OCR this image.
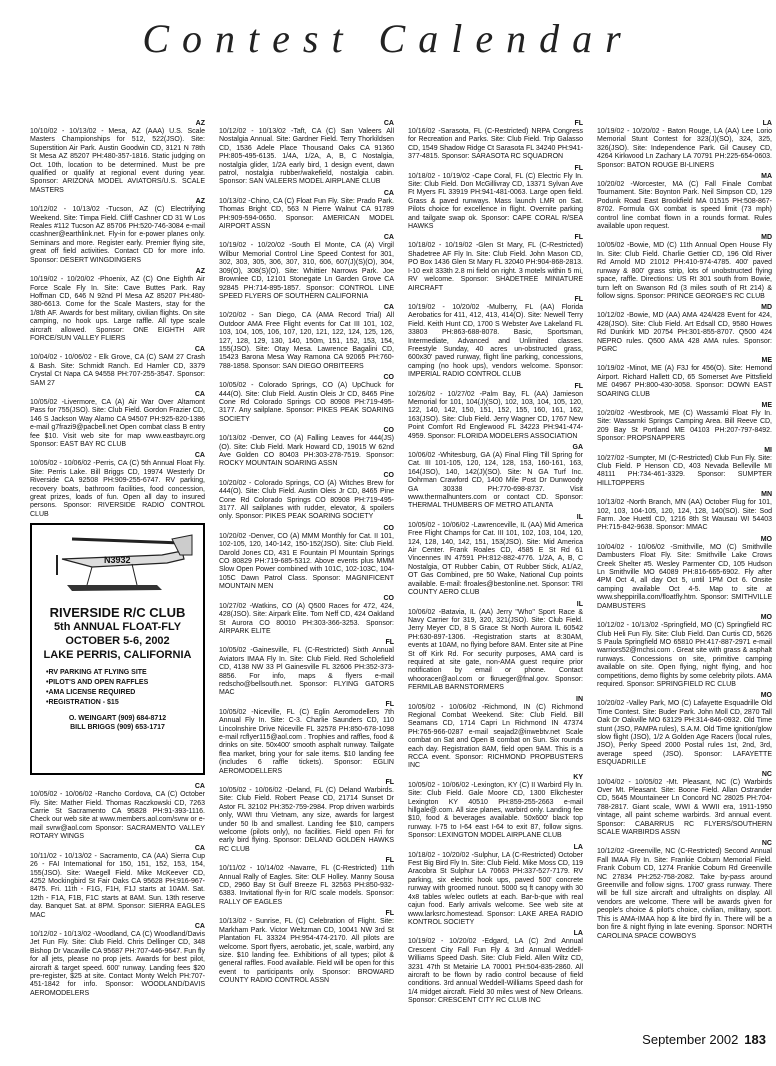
Contest Calendar
AZ
10/10/02 - 10/13/02 - Mesa, AZ (AAA) U.S. Scale Masters Championships for 512, 522(JSO). Site: Superstition Air Park. Austin Goodwin CD, 3121 N 78th St Mesa AZ 85207 PH:480-357-1816. Static judging on Oct. 10th, location to be determined. Must be pre qualified or qualify at regional event during year. Sponsor: ARIZONA MODEL AVIATORS/U.S. SCALE MASTERS
AZ
10/12/02 - 10/13/02 -Tucson, AZ (C) Electrifying Weekend. Site: Timpa Field. Cliff Cashner CD 31 W Los Reales #112 Tucson AZ 85706 PH:520-746-3084 e-mail ccashner@earthlink.net. Fly-in for e-power planes only. Seminars and more. Register early. Premier flying site, great off field activities. Contact CD for more info. Sponsor: DESERT WINGDINGERS
AZ
10/19/02 - 10/20/02 -Phoenix, AZ (C) One Eighth Air Force Scale Fly In. Site: Cave Buttes Park. Ray Hoffman CD, 646 N 92nd Pl Mesa AZ 85207 PH:480-380-6613. Come for the Scale Masters, stay for the 1/8th AF. Awards for best military, civilian flights. On site camping, no hook ups. Large raffle. All type scale aircraft allowed. Sponsor: ONE EIGHTH AIR FORCE/SUN VALLEY FLIERS
CA
10/04/02 - 10/06/02 - Elk Grove, CA (C) SAM 27 Crash & Bash. Site: Schmidt Ranch. Ed Hamler CD, 3379 Crystal Ct Napa CA 94558 PH:707-255-3547. Sponsor: SAM 27
CA
10/05/02 -Livermore, CA (A) Air War Over Altamont Pass for 755(JSO). Site: Club Field. Gordon Frazier CD, 146 S Jackson Way Alamo CA 94507 PH:925-820-1386 e-mail g7frazi9@pacbell.net Open combat class B entry fee $10. Visit web site for map www.eastbayrc.org Sponsor: EAST BAY RC CLUB
CA
10/05/02 - 10/06/02 -Perris, CA (C) 5th Annual Float Fly. Site: Perris Lake. Bill Briggs CD, 19974 Westerly Dr Riverside CA 92508 PH:909-255-6747. RV parking, recovery boats, bathroom facilities, food concession, great prizes, loads of fun. Open all day to insured persons. Sponsor: RIVERSIDE RADIO CONTROL CLUB
N3932
RIVERSIDE R/C CLUB
5th ANNUAL FLOAT-FLY
OCTOBER 5-6, 2002
LAKE PERRIS, CALIFORNIA
• RV PARKING AT FLYING SITE
• PILOT'S AND OPEN RAFFLES
• AMA LICENSE REQUIRED
• REGISTRATION - $15
O. WEINGART (909) 684-8712
BILL BRIGGS (909) 653-1717
CA
10/05/02 - 10/06/02 -Rancho Cordova, CA (C) October Fly. Site: Mather Field. Thomas Raczkowski CD, 7263 Carrie St Sacramento CA 95828 PH:91-393-1116. Check our web site at www.members.aol.com/svrw or e-mail svrw@aol.com Sponsor: SACRAMENTO VALLEY ROTARY WINGS
CA
10/11/02 - 10/13/02 - Sacramento, CA (AA) Sierra Cup 26 - FAI International for 150, 151, 152, 153, 154, 155(JSO). Site: Waegell Field. Mike McKeever CD, 4252 Mockingbird St Fair Oaks CA 95628 PH:916-967-8475. Fri. 11th - F1G, F1H, F1J starts at 10AM. Sat. 12th - F1A, F1B, F1C starts at 8AM. Sun. 13th reserve day. Banquet Sat. at 8PM. Sponsor: SIERRA EAGLES MAC
CA
10/12/02 - 10/13/02 -Woodland, CA (C) Woodland/Davis Jet Fun Fly. Site: Club Field. Chris Dellinger CD, 348 Bishop Dr Vacaville CA 95687 PH:707-446-9647. Fun fly for all jets, please no prop jets. Awards for best pilot, aircraft & target speed. 600' runway. Landing fees $20 pre-register, $25 at site. Contact Monty Welch PH:707-451-1842 for info. Sponsor: WOODLAND/DAVIS AEROMODELERS
CA
10/12/02 - 10/13/02 -Taft, CA (C) San Valeers All Nostalgia Annual. Site: Gardner Field. Terry Thorkildsen CD, 1536 Adele Place Thousand Oaks CA 91360 PH:805-495-6135. 1/4A, 1/2A, A, B, C Nostalgia, nostalgia glider, 1/2A early bird, 1 design event, dawn patrol, nostalgia rubber/wakefield, nostalgia cabin. Sponsor: SAN VALEERS MODEL AIRPLANE CLUB
CA
10/13/02 -Chino, CA (C) Float Fun Fly. Site: Prado Park. Thomas Bright CD, 563 N Pierre Walnut CA 91789 PH:909-594-0650. Sponsor: AMERICAN MODEL AIRPORT ASSN
CA
10/19/02 - 10/20/02 -South El Monte, CA (A) Virgil Wilbur Memorial Control Line Speed Contest for 301, 302, 303, 305, 306, 307, 310, 606, 607(J)(S)(O), 304, 309(O), 308(S)(O). Site: Whittier Narrows Park. Joe Brownlee CD, 12101 Stonegate Ln Garden Grove CA 92845 PH:714-895-1857. Sponsor: CONTROL LINE SPEED FLYERS OF SOUTHERN CALIFORNIA
CA
10/20/02 - San Diego, CA (AMA Record Trial) All Outdoor AMA Free Flight events for Cat III 101, 102, 103, 104, 105, 106, 107, 120, 121, 122, 124, 125, 126, 127, 128, 129, 130, 140, 150m, 151, 152, 153, 154, 155(JSO). Site: Otay Mesa. Lawrence Bagalini CD, 15423 Barona Mesa Way Ramona CA 92065 PH:760-788-1858. Sponsor: SAN DIEGO ORBITEERS
CO
10/05/02 - Colorado Springs, CO (A) UpChuck for 444(O). Site: Club Field. Austin Oleis Jr CD, 8465 Pine Cone Rd Colorado Springs CO 80908 PH:719-495-3177. Any sailplane. Sponsor: PIKES PEAK SOARING SOCIETY
CO
10/13/02 -Denver, CO (A) Falling Leaves for 444(JS)(O). Site: Club Field. Mark Howard CD, 19015 W 62nd Ave Golden CO 80403 PH:303-278-7519. Sponsor: ROCKY MOUNTAIN SOARING ASSN
CO
10/20/02 - Colorado Springs, CO (A) Witches Brew for 444(O). Site: Club Field. Austin Oleis Jr CD, 8465 Pine Cone Rd Colorado Springs CO 80908 PH:719-495-3177. All sailplanes with rudder, elevator, & spoilers only. Sponsor: PIKES PEAK SOARING SOCIETY
CO
10/20/02 -Denver, CO (A) MMM Monthly for Cat. II 101, 102-105, 120, 140-142, 150-152(JSO). Site: Club Field. Darold Jones CD, 431 E Fountain Pl Mountain Springs CO 80829 PH:719-685-5312. Above events plus MMM Slow Open Power combined with 101C, 102-103C, 104-105C Dawn Patrol Class. Sponsor: MAGNIFICENT MOUNTAIN MEN
CO
10/27/02 -Watkins, CO (A) Q500 Races for 472, 424, 428(JSO). Site: Airpark Elite. Tom Neff CD, 424 Oakland St Aurora CO 80010 PH:303-366-3253. Sponsor: AIRPARK ELITE
FL
10/05/02 -Gainesville, FL (C-Restricted) Sixth Annual Aviators IMAA Fly In. Site: Club Field. Red Scholefield CD, 4138 NW 33 Pl Gainesville FL 32606 PH:352-373-8856. For info, maps & flyers e-mail redscho@bellsouth.net. Sponsor: FLYING GATORS MAC
FL
10/05/02 -Niceville, FL (C) Eglin Aeromodellers 7th Annual Fly In. Site: C-3. Charlie Saunders CD, 110 Lincolnshire Drive Niceville FL 32578 PH:850-678-1098 e-mail rcflyer115@aol.com . Trophies and raffles, food & drinks on site. 50x400' smooth asphalt runway. Tailgate flea market, bring your for sale items. $10 landing fee (includes 6 raffle tickets). Sponsor: EGLIN AEROMODELLERS
FL
10/05/02 - 10/06/02 -Deland, FL (C) Deland Warbirds. Site: Club Field. Robert Pease CD, 21714 Sunset Dr Astor FL 32102 PH:352-759-2984. Prop driven warbirds only, WWI thru Vietnam, any size, awards for largest under 50 lb and smallest. Landing fee $10, campers welcome (pilots only), no facilities. Field open Fri for early bird flying. Sponsor: DELAND GOLDEN HAWKS RC CLUB
FL
10/11/02 - 10/14/02 -Navarre, FL (C-Restricted) 11th Annual Rally of Eagles. Site: OLF Holley. Manny Sousa CD, 2960 Bay St Gulf Breeze FL 32563 PH:850-932-6383. Invitational fly-in for R/C scale models. Sponsor: RALLY OF EAGLES
FL
10/13/02 - Sunrise, FL (C) Celebration of Flight. Site: Markham Park. Victor Weltzman CD, 10041 NW 3rd St Plantation FL 33324 PH:954-474-2170. All pilots are welcome. Sport flyers, aerobatic, jet, scale, warbird, any size. $10 landing fee. Exhibitions of all types; pilot & general raffles. Food available. Field will be open for this event to participants only. Sponsor: BROWARD COUNTY RADIO CONTROL ASSN
FL
10/16/02 -Sarasota, FL (C-Restricted) NRPA Congress for Recreation and Parks. Site: Club Field. Trip Galasso CD, 1549 Shadow Ridge Ct Sarasota FL 34240 PH:941-377-4815. Sponsor: SARASOTA RC SQUADRON
FL
10/18/02 - 10/19/02 -Cape Coral, FL (C) Electric Fly In. Site: Club Field. Don McGillivray CD, 13371 Sylvan Ave Ft Myers FL 33919 PH:941-481-0063. Large open field. Grass & paved runways. Mass launch LMR on Sat. Pilots choice for excellence in flight. Overnite parking and tailgate swap ok. Sponsor: CAPE CORAL R/SEA HAWKS
FL
10/18/02 - 10/19/02 -Glen St Mary, FL (C-Restricted) Shadetree AF Fly In. Site: Club Field. John Mason CD, PO Box 1436 Glen St Mary FL 32040 PH:904-868-2813. I-10 exit 333th 2.8 mi field on right. 3 motels within 5 mi, RV welcome. Sponsor: SHADETREE MINIATURE AIRCRAFT
FL
10/19/02 - 10/20/02 -Mulberry, FL (AA) Florida Aerobatics for 411, 412, 413, 414(O). Site: Newell Terry Field. Keith Hunt CD, 1700 S Webster Ave Lakeland FL 33803 PH:863-688-8078. Basic, Sportsman, Intermediate, Advanced and Unlimited classes. Freestyle Sunday, 40 acres un-obstructed grass, 600x30' paved runway, flight line parking, concessions, camping (no hook ups), vendors welcome. Sponsor: IMPERIAL RADIO CONTROL CLUB
FL
10/26/02 - 10/27/02 -Palm Bay, FL (AA) Jamieson Memorial for 101, 104(J)(SO), 102, 103, 104, 105, 120, 122, 140, 142, 150, 151, 152, 155, 160, 161, 162, 163(JSO). Site: Club Field. Jerry Wagner CD, 1767 New Point Comfort Rd Englewood FL 34223 PH:941-474-4959. Sponsor: FLORIDA MODELERS ASSOCIATION
GA
10/06/02 -Whitesburg, GA (A) Final Fling Till Spring for Cat. III 101-105, 120, 124, 128, 153, 160-161, 163, 164(JSO), 140, 142(J)(SO). Site: N GA Turf Inc. Dohrman Crawford CD, 1400 Mile Post Dr Dunwoody GA 30338 PH:770-698-8737. Visit www.thermalhunters.com or contact CD. Sponsor: THERMAL THUMBERS OF METRO ATLANTA
IL
10/05/02 - 10/06/02 -Lawrenceville, IL (AA) Mid America Free Flight Champs for Cat. III 101, 102, 103, 104, 120, 124, 128, 140, 142, 151, 153(JSO). Site: Mid America Air Center. Frank Roales CD, 4585 E St Rd 61 Vincennes IN 47591 PH:812-882-4776. 1/2A, A, B, C Nostalgia, OT Rubber Cabin, OT Rubber Stick, A1/A2, OT Gas Combined, pre 50 Wake, National Cup points available. E-mail: flroales@bestonline.net. Sponsor: TRI COUNTY AERO CLUB
IL
10/06/02 -Batavia, IL (AA) Jerry "Who" Sport Race & Navy Carrier for 319, 320, 321(JSO). Site: Club Field. Jerry Meyer CD, 8 S Grace St North Aurora IL 60542 PH:630-897-1306. -Registration starts at 8:30AM, events at 10AM, no flying before 8AM. Enter site at Pine St off Kirk Rd. For security purposes, AMA card is required at site gate, non-AMA guest require prior notification by email or phone. Contact whooracer@aol.com or fkrueger@fnal.gov. Sponsor: FERMILAB BARNSTORMERS
IN
10/05/02 - 10/06/02 -Richmond, IN (C) Richmond Regional Combat Weekend. Site: Club Field. Bill Seamans CD, 1714 Capri Ln Richmond IN 47374 PH:765-966-0287 e-mail seajad2@inwebtv.net Scale combat on Sat and Open B combat on Sun. Six rounds each day. Registration 8AM, field open 9AM. This is a RCCA event. Sponsor: RICHMOND PROPBUSTERS INC
KY
10/05/02 - 10/06/02 -Lexington, KY (C) II Warbird Fly In. Site: Club Field. Gale Moore CD, 1300 Elkchester Lexington KY 40510 PH:859-255-2663 e-mail hillgale@.com. All size planes, warbird only. Landing fee $10, food & beverages available. 50x600' black top runway. I-75 to I-64 east I-64 to exit 87, follow signs. Sponsor: LEXINGTON MODEL AIRPLANE CLUB
LA
10/18/02 - 10/20/02 -Sulphur, LA (C-Restricted) October Fest Big Bird Fly In. Site: Club Field. Mike Moss CD, 119 Aracobra St Sulphur LA 70663 PH:337-527-7179. RV parking, six electric hook ups, paved 500' concrete runway with groomed runout. 5000 sq ft canopy with 30 4x8 tables w/elec outlets at each. Bar-b-que with real cajun food. Early arrivals welcome. See web site at www.larksrc.homestead. Sponsor: LAKE AREA RADIO KONTROL SOCIETY
LA
10/19/02 - 10/20/02 -Edgard, LA (C) 2nd Annual Crescent City Fall Fun Fly & 3rd Annual Weddell-Williams Speed Dash. Site: Club Field. Allen Wiltz CD, 3231 47th St Metairie LA 70001 PH:504-835-2860. All aircraft to be flown by radio control because of field conditions. 3rd annual Weddell-Williams Speed dash for 1/4 midget aircraft. Field 30 miles west of New Orleans. Sponsor: CRESCENT CITY RC CLUB INC
LA
10/19/02 - 10/20/02 - Baton Rouge, LA (AA) Lee Lorio Memorial Stunt Contest for 323(J)(SO), 324, 325, 326(JSO). Site: Independence Park. Gil Causey CD, 4264 Kirkwood Ln Zachary LA 70791 PH:225-654-0603. Sponsor: BATON ROUGE BI-LINERS
MA
10/20/02 -Worcester, MA (C) Fall Finale Combat Tournament. Site: Boynton Park. Neil Simpson CD, 129 Podunk Road East Brookfield MA 01515 PH:508-867-8702. Formula GX combat is speed limit (73 mph) control line combat flown in a rounds format. Rules available upon request.
MD
10/05/02 -Bowie, MD (C) 11th Annual Open House Fly In. Site: Club Field. Charlie Gettier CD, 196 Old River Rd Arnold MD 21012 PH:410-974-4785. 400' paved runway & 800' grass strip, lots of unobstructed flying space, raffle. Directions: US Rt 301 south from Bowie, turn left on Swanson Rd (3 miles south of Rt 214) & follow signs. Sponsor: PRINCE GEORGE'S RC CLUB
MD
10/12/02 -Bowie, MD (AA) AMA 424/428 Event for 424, 428(JSO). Site: Club Field. Art Edsall CD, 9580 Howes Rd Dunkirk MD 20754 PH:301-855-8707. Q500 424 NEPRO rules. Q500 AMA 428 AMA rules. Sponsor: PGRC
ME
10/19/02 -Minot, ME (A) F3J for 456(O). Site: Hemond Airport. Richard Hallett CD, 65 Somerset Ave Pittsfield ME 04967 PH:800-430-3058. Sponsor: DOWN EAST SOARING CLUB
ME
10/20/02 -Westbrook, ME (C) Wassamki Float Fly In. Site: Wassamki Springs Camping Area. Bill Reeve CD, 209 Bay St Portland ME 04103 PH:207-797-8492. Sponsor: PROPSNAPPERS
MI
10/27/02 -Sumpter, MI (C-Restricted) Club Fun Fly. Site: Club Field. P Henson CD, 403 Nevada Belleville MI 48111 PH:734-461-3329. Sponsor: SUMPTER HILLTOPPERS
MN
10/13/02 -North Branch, MN (AA) October Flug for 101, 102, 103, 104-105, 120, 124, 128, 140(SO). Site: Sod Farm. Joe Huettl CD, 1216 8th St Wausau WI 54403 PH:715-842-9638. Sponsor: MMAC
MO
10/04/02 - 10/06/02 -Smithville, MO (C) Smithville Dambusters Float Fly. Site: Smithville Lake Crows Creek Shelter #5. Wesley Parmenter CD, 105 Hudson Ln Smithville MO 64089 PH:816-665-6902. Fly after 4PM Oct 4, all day Oct 5, until 1PM Oct 6. Onsite camping available Oct 4-5. Map to site at www.sheppirilla.com/floatfly.htm. Sponsor: SMITHVILLE DAMBUSTERS
MO
10/12/02 - 10/13/02 -Springfield, MO (C) Springfield RC Club Heli Fun Fly. Site: Club Field. Dan Curtis CD, 5626 S Paula Springfield MO 65810 PH:417-887-2971 e-mail warriors52@mchsi.com . Great site with grass & asphalt runways. Concessions on site, primitive camping available on site. Open flying, night flying, and hoc competitions, demo flights by some celebrity pilots. AMA required. Sponsor: SPRINGFIELD RC CLUB
MO
10/20/02 -Valley Park, MO (C) Lafayette Esquadrille Old Time Contest. Site: Buder Park. John Moll CD, 2870 Tall Oak Dr Oakville MO 63129 PH:314-846-0932. Old Time stunt (JSO, PAMPA rules), S.A.M. Old Time ignition/glow slow flight (JSO), 1/2 A Golden Age Racers (local rules, JSO), Perky Speed 2000 Postal rules 1st, 2nd, 3rd, average speed (JSO). Sponsor: LAFAYETTE ESQUADRILLE
NC
10/04/02 - 10/05/02 -Mt. Pleasant, NC (C) Warbirds Over Mt. Pleasant. Site: Boone Field. Allan Ostrander CD, 5645 Mountaineer Ln Concord NC 28025 PH:704-788-2817. Giant scale, WWI & WWII era, 1911-1950 vintage, all paint scheme warbirds. 3rd annual event. Sponsor: CABARRUS RC FLYERS/SOUTHERN SCALE WARBIRDS ASSN
NC
10/12/02 -Greenville, NC (C-Restricted) Second Annual Fall IMAA Fly In. Site: Frankie Coburn Memorial Field. Frank Coburn CD, 1274 Frankie Coburn Rd Greenville NC 27834 PH:252-758-2082. Take by-pass around Greenville and follow signs. 1700' grass runway. There will be full size aircraft and ultralights on display. All vendors are welcome. There will be awards given for people's choice & pilot's choice, civilian, military, sport. This is AMA-IMAA hop & lite bird fly in. There will be a bon fire & night flying in late evening. Sponsor: NORTH CAROLINA SPACE COWBOYS
September 2002 183
